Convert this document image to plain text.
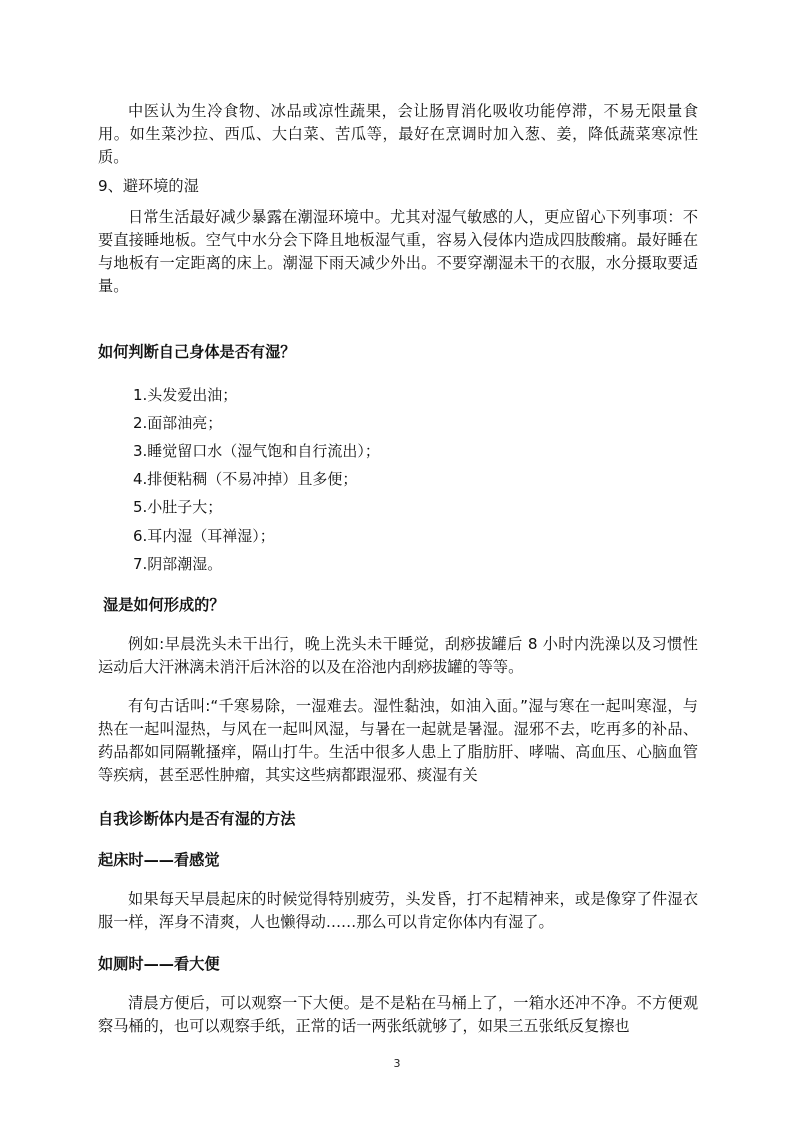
中医认为生冷食物、冰品或凉性蔬果，会让肠胃消化吸收功能停滞，不易无限量食用。如生菜沙拉、西瓜、大白菜、苦瓜等，最好在烹调时加入葱、姜，降低蔬菜寒凉性质。

9、避环境的湿

日常生活最好减少暴露在潮湿环境中。尤其对湿气敏感的人，更应留心下列事项：不要直接睡地板。空气中水分会下降且地板湿气重，容易入侵体内造成四肢酸痛。最好睡在与地板有一定距离的床上。潮湿下雨天减少外出。不要穿潮湿未干的衣服，水分摄取要适量。

如何判断自己身体是否有湿？

1.头发爱出油；
2.面部油亮；
3.睡觉留口水（湿气饱和自行流出）；
4.排便粘稠（不易冲掉）且多便；
5.小肚子大；
6.耳内湿（耳禅湿）；
7.阴部潮湿。

湿是如何形成的？

例如:早晨洗头未干出行，晚上洗头未干睡觉，刮痧拔罐后 8 小时内洗澡以及习惯性运动后大汗淋漓未消汗后沐浴的以及在浴池内刮痧拔罐的等等。

有句古话叫:“千寒易除，一湿难去。湿性黏浊，如油入面。”湿与寒在一起叫寒湿，与热在一起叫湿热，与风在一起叫风湿，与暑在一起就是暑湿。湿邪不去，吃再多的补品、药品都如同隔靴搔痒，隔山打牛。生活中很多人患上了脂肪肝、哮喘、高血压、心脑血管等疾病，甚至恶性肿瘤，其实这些病都跟湿邪、痰湿有关

自我诊断体内是否有湿的方法

起床时——看感觉

如果每天早晨起床的时候觉得特别疲劳，头发昏，打不起精神来，或是像穿了件湿衣服一样，浑身不清爽，人也懒得动……那么可以肯定你体内有湿了。

如厕时——看大便

清晨方便后，可以观察一下大便。是不是粘在马桶上了，一箱水还冲不净。不方便观察马桶的，也可以观察手纸，正常的话一两张纸就够了，如果三五张纸反复擦也

3
